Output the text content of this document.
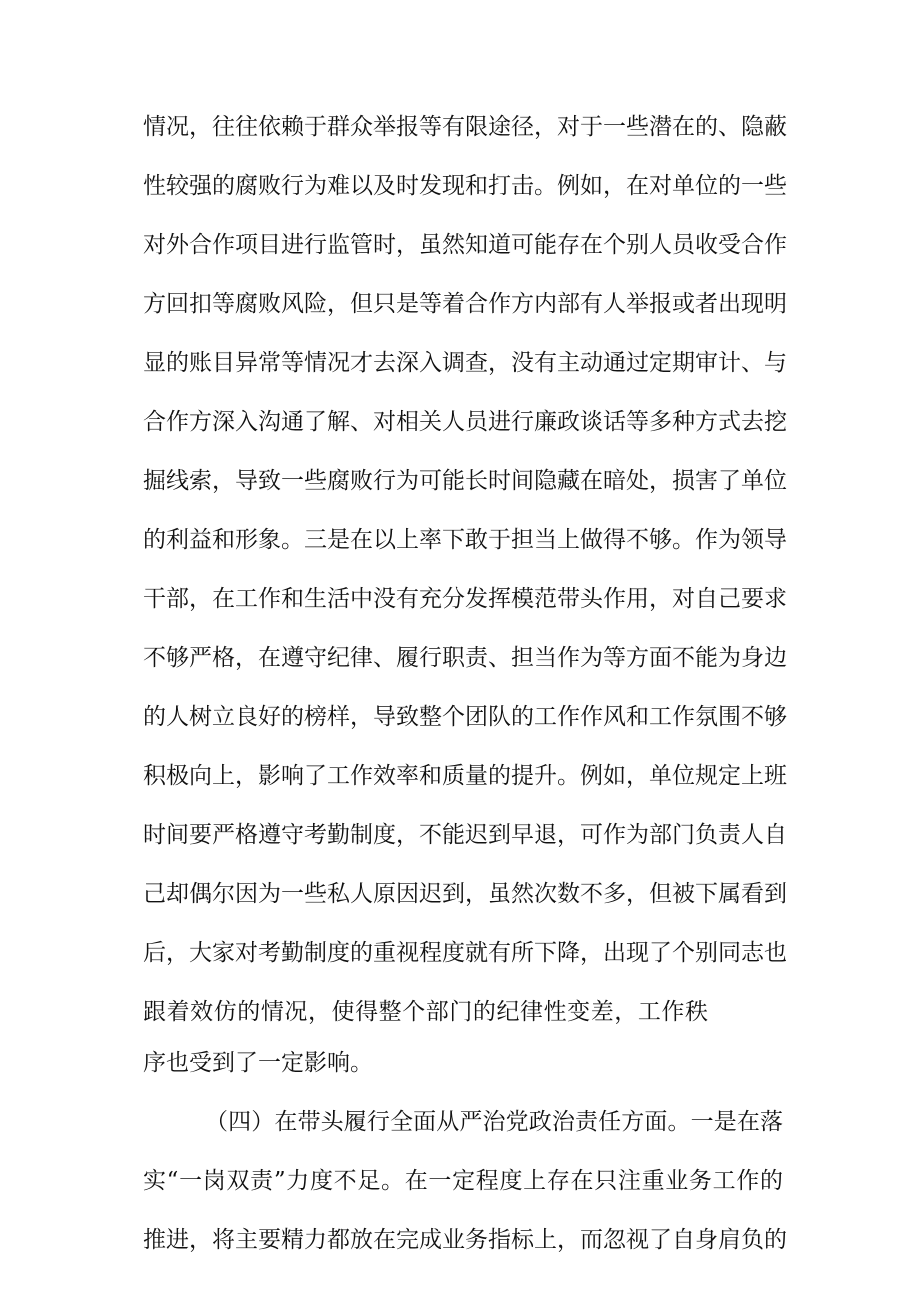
情况，往往依赖于群众举报等有限途径，对于一些潜在的、隐蔽
性较强的腐败行为难以及时发现和打击。例如，在对单位的一些
对外合作项目进行监管时，虽然知道可能存在个别人员收受合作
方回扣等腐败风险，但只是等着合作方内部有人举报或者出现明
显的账目异常等情况才去深入调查，没有主动通过定期审计、与
合作方深入沟通了解、对相关人员进行廉政谈话等多种方式去挖
掘线索，导致一些腐败行为可能长时间隐藏在暗处，损害了单位
的利益和形象。三是在以上率下敢于担当上做得不够。作为领导
干部，在工作和生活中没有充分发挥模范带头作用，对自己要求
不够严格，在遵守纪律、履行职责、担当作为等方面不能为身边
的人树立良好的榜样，导致整个团队的工作作风和工作氛围不够
积极向上，影响了工作效率和质量的提升。例如，单位规定上班
时间要严格遵守考勤制度，不能迟到早退，可作为部门负责人自
己却偶尔因为一些私人原因迟到，虽然次数不多，但被下属看到
后，大家对考勤制度的重视程度就有所下降，出现了个别同志也
跟着效仿的情况，使得整个部门的纪律性变差，工作秩
序也受到了一定影响。
（四）在带头履行全面从严治党政治责任方面。一是在落
实“一岗双责”力度不足。在一定程度上存在只注重业务工作的
推进，将主要精力都放在完成业务指标上，而忽视了自身肩负的
